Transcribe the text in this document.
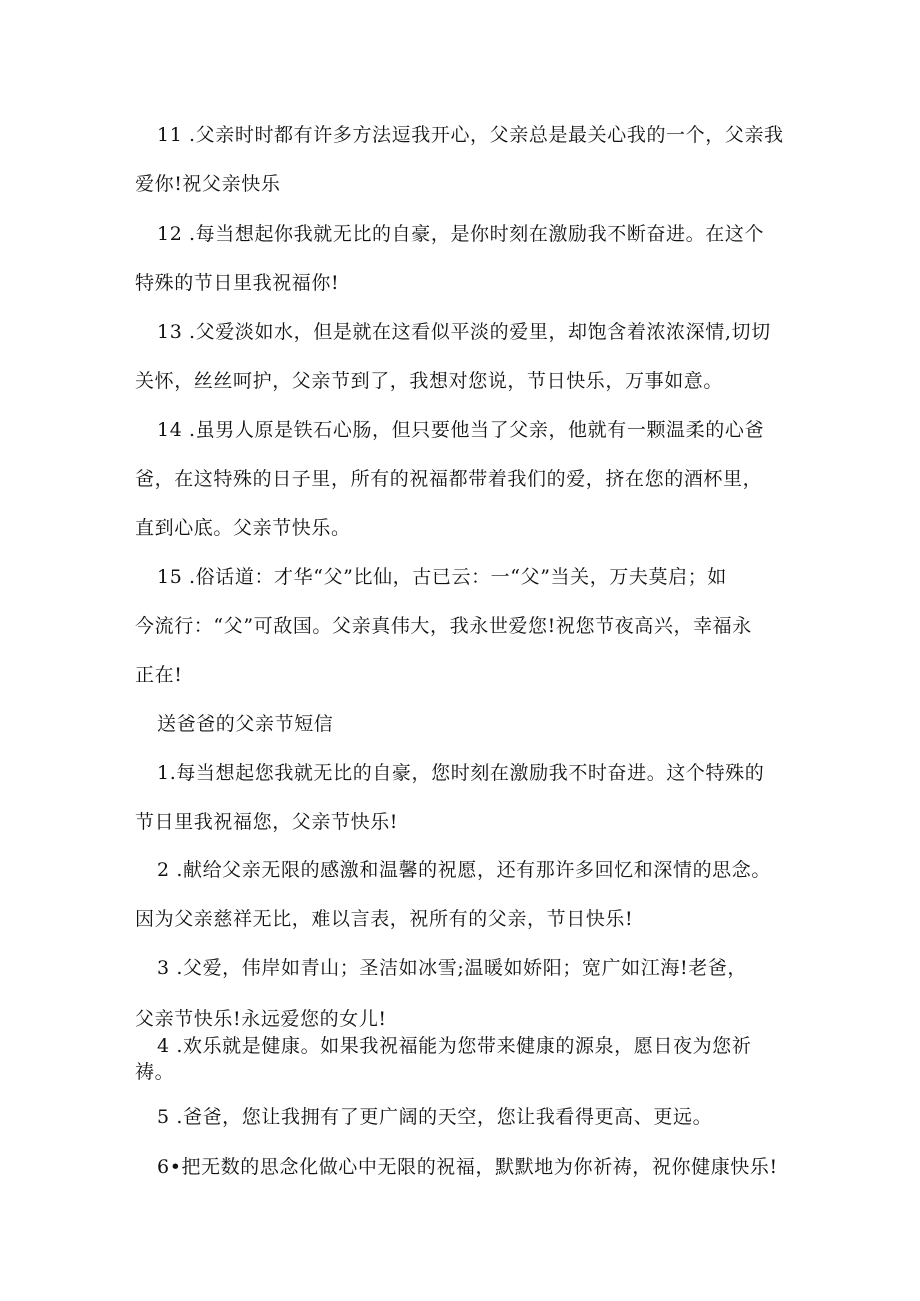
11 .父亲时时都有许多方法逗我开心，父亲总是最关心我的一个，父亲我
爱你!祝父亲快乐
12 .每当想起你我就无比的自豪，是你时刻在激励我不断奋进。在这个
特殊的节日里我祝福你!
13 .父爱淡如水，但是就在这看似平淡的爱里，却饱含着浓浓深情,切切
关怀，丝丝呵护，父亲节到了，我想对您说，节日快乐，万事如意。
14 .虽男人原是铁石心肠，但只要他当了父亲，他就有一颗温柔的心爸
爸，在这特殊的日子里，所有的祝福都带着我们的爱，挤在您的酒杯里，
直到心底。父亲节快乐。
15 .俗话道：才华“父”比仙，古已云：一“父”当关，万夫莫启；如
今流行：“父”可敌国。父亲真伟大，我永世爱您!祝您节夜高兴，幸福永
正在!
送爸爸的父亲节短信
1.每当想起您我就无比的自豪，您时刻在激励我不时奋进。这个特殊的
节日里我祝福您，父亲节快乐!
2 .献给父亲无限的感激和温馨的祝愿，还有那许多回忆和深情的思念。
因为父亲慈祥无比，难以言表，祝所有的父亲，节日快乐!
3 .父爱，伟岸如青山；圣洁如冰雪;温暖如娇阳；宽广如江海!老爸，
父亲节快乐!永远爱您的女儿!
4 .欢乐就是健康。如果我祝福能为您带来健康的源泉，愿日夜为您祈
祷。
5 .爸爸，您让我拥有了更广阔的天空，您让我看得更高、更远。
6•把无数的思念化做心中无限的祝福，默默地为你祈祷，祝你健康快乐!
